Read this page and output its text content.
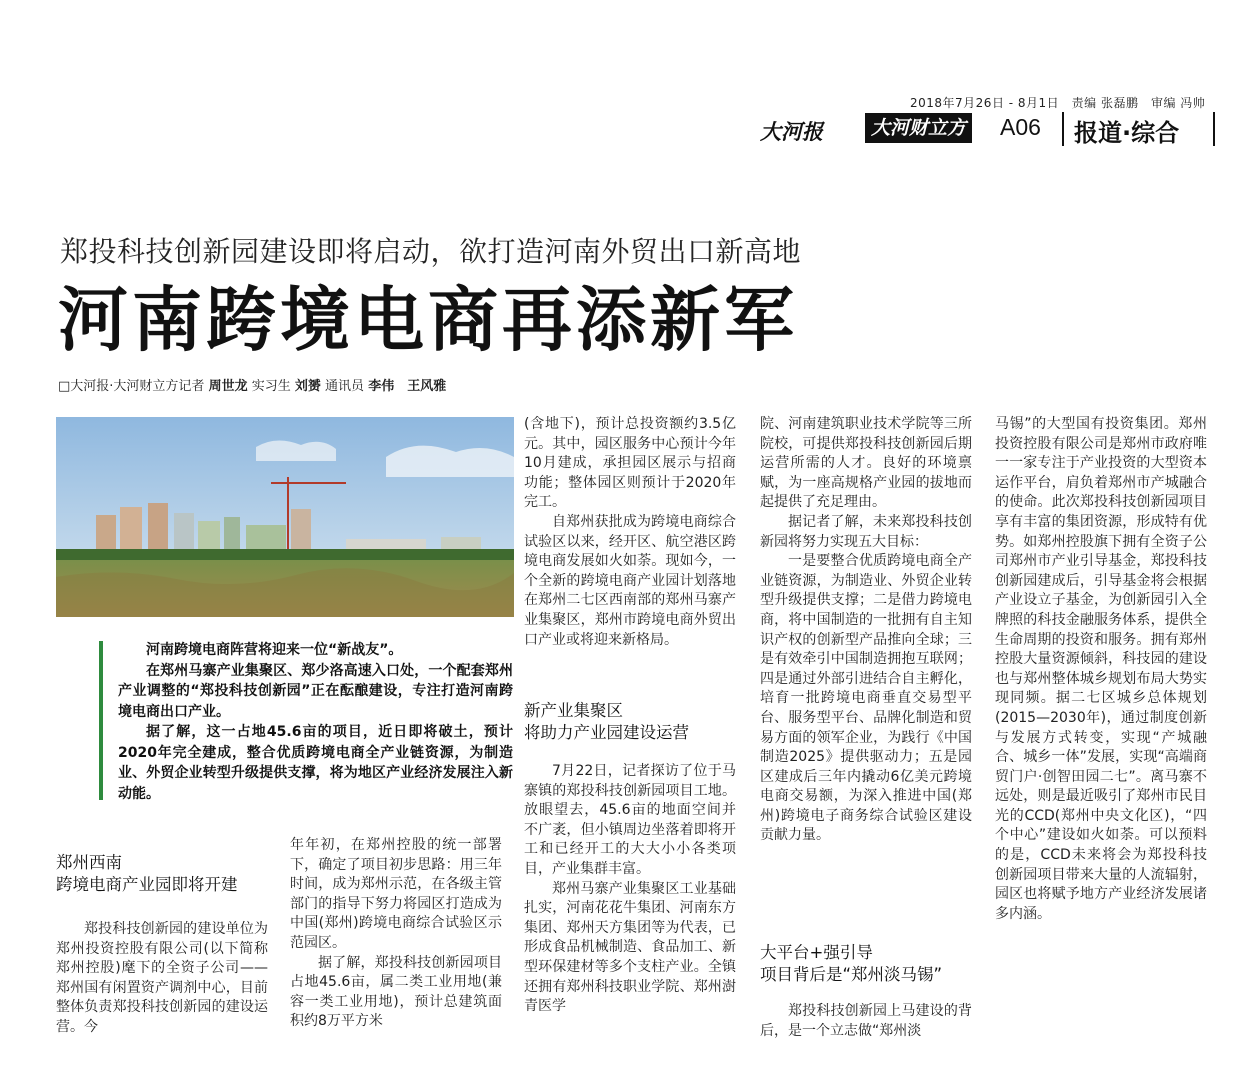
2018年7月26日 - 8月1日　责编 张磊鹏　审编 冯帅
大河报	大河财立方 A06 报道·综合
郑投科技创新园建设即将启动，欲打造河南外贸出口新高地
河南跨境电商再添新军
□大河报·大河财立方记者 周世龙 实习生 刘赟 通讯员 李伟　王风雅

河南跨境电商阵营将迎来一位“新战友”。

在郑州马寨产业集聚区、郑少洛高速入口处，一个配套郑州产业调整的“郑投科技创新园”正在酝酿建设，专注打造河南跨境电商出口产业。

据了解，这一占地45.6亩的项目，近日即将破土，预计2020年完全建成，整合优质跨境电商全产业链资源，为制造业、外贸企业转型升级提供支撑，将为地区产业经济发展注入新动能。

郑州西南
跨境电商产业园即将开建

郑投科技创新园的建设单位为郑州投资控股有限公司(以下简称郑州控股)麾下的全资子公司——郑州国有闲置资产调剂中心，目前整体负责郑投科技创新园的建设运营。今

年年初，在郑州控股的统一部署下，确定了项目初步思路：用三年时间，成为郑州示范，在各级主管部门的指导下努力将园区打造成为中国(郑州)跨境电商综合试验区示范园区。

据了解，郑投科技创新园项目占地45.6亩，属二类工业用地(兼容一类工业用地)，预计总建筑面积约8万平方米

(含地下)，预计总投资额约3.5亿元。其中，园区服务中心预计今年10月建成，承担园区展示与招商功能；整体园区则预计于2020年完工。

自郑州获批成为跨境电商综合试验区以来，经开区、航空港区跨境电商发展如火如荼。现如今，一个全新的跨境电商产业园计划落地在郑州二七区西南部的郑州马寨产业集聚区，郑州市跨境电商外贸出口产业或将迎来新格局。

新产业集聚区
将助力产业园建设运营

7月22日，记者探访了位于马寨镇的郑投科技创新园项目工地。放眼望去，45.6亩的地面空间并不广袤，但小镇周边坐落着即将开工和已经开工的大大小小各类项目，产业集群丰富。

郑州马寨产业集聚区工业基础扎实，河南花花牛集团、河南东方集团、郑州天方集团等为代表，已形成食品机械制造、食品加工、新型环保建材等多个支柱产业。全镇还拥有郑州科技职业学院、郑州澍青医学

院、河南建筑职业技术学院等三所院校，可提供郑投科技创新园后期运营所需的人才。良好的环境禀赋，为一座高规格产业园的拔地而起提供了充足理由。

据记者了解，未来郑投科技创新园将努力实现五大目标：

一是要整合优质跨境电商全产业链资源，为制造业、外贸企业转型升级提供支撑；二是借力跨境电商，将中国制造的一批拥有自主知识产权的创新型产品推向全球；三是有效牵引中国制造拥抱互联网；四是通过外部引进结合自主孵化，培育一批跨境电商垂直交易型平台、服务型平台、品牌化制造和贸易方面的领军企业，为践行《中国制造2025》提供驱动力；五是园区建成后三年内撬动6亿美元跨境电商交易额，为深入推进中国(郑州)跨境电子商务综合试验区建设贡献力量。

大平台+强引导
项目背后是“郑州淡马锡”

郑投科技创新园上马建设的背后，是一个立志做“郑州淡

马锡”的大型国有投资集团。郑州投资控股有限公司是郑州市政府唯一一家专注于产业投资的大型资本运作平台，肩负着郑州市产城融合的使命。此次郑投科技创新园项目享有丰富的集团资源，形成特有优势。如郑州控股旗下拥有全资子公司郑州市产业引导基金，郑投科技创新园建成后，引导基金将会根据产业设立子基金，为创新园引入全牌照的科技金融服务体系，提供全生命周期的投资和服务。拥有郑州控股大量资源倾斜，科技园的建设也与郑州整体城乡规划布局大势实现同频。据二七区城乡总体规划(2015—2030年)，通过制度创新与发展方式转变，实现“产城融合、城乡一体”发展，实现“高端商贸门户·创智田园二七”。离马寨不远处，则是最近吸引了郑州市民目光的CCD(郑州中央文化区)，“四个中心”建设如火如荼。可以预料的是，CCD未来将会为郑投科技创新园项目带来大量的人流辐射，园区也将赋予地方产业经济发展诸多内涵。
